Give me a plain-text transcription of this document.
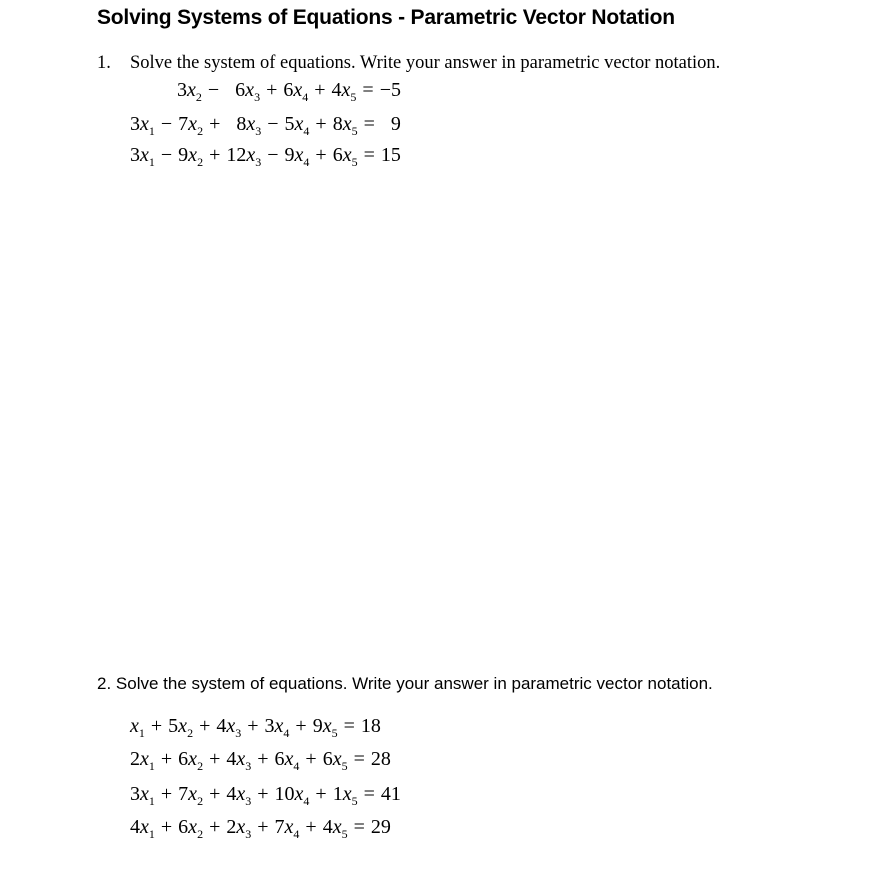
Solving Systems of Equations - Parametric Vector Notation
1. Solve the system of equations. Write your answer in parametric vector notation.
$3x_2 - 6x_3 + 6x_4 + 4x_5 = -5$
$3x_1 - 7x_2 + 8x_3 - 5x_4 + 8x_5 = 9$
$3x_1 - 9x_2 + 12x_3 - 9x_4 + 6x_5 = 15$
2. Solve the system of equations. Write your answer in parametric vector notation.
$x_1 + 5x_2 + 4x_3 + 3x_4 + 9x_5 = 18$
$2x_1 + 6x_2 + 4x_3 + 6x_4 + 6x_5 = 28$
$3x_1 + 7x_2 + 4x_3 + 10x_4 + 1x_5 = 41$
$4x_1 + 6x_2 + 2x_3 + 7x_4 + 4x_5 = 29$
